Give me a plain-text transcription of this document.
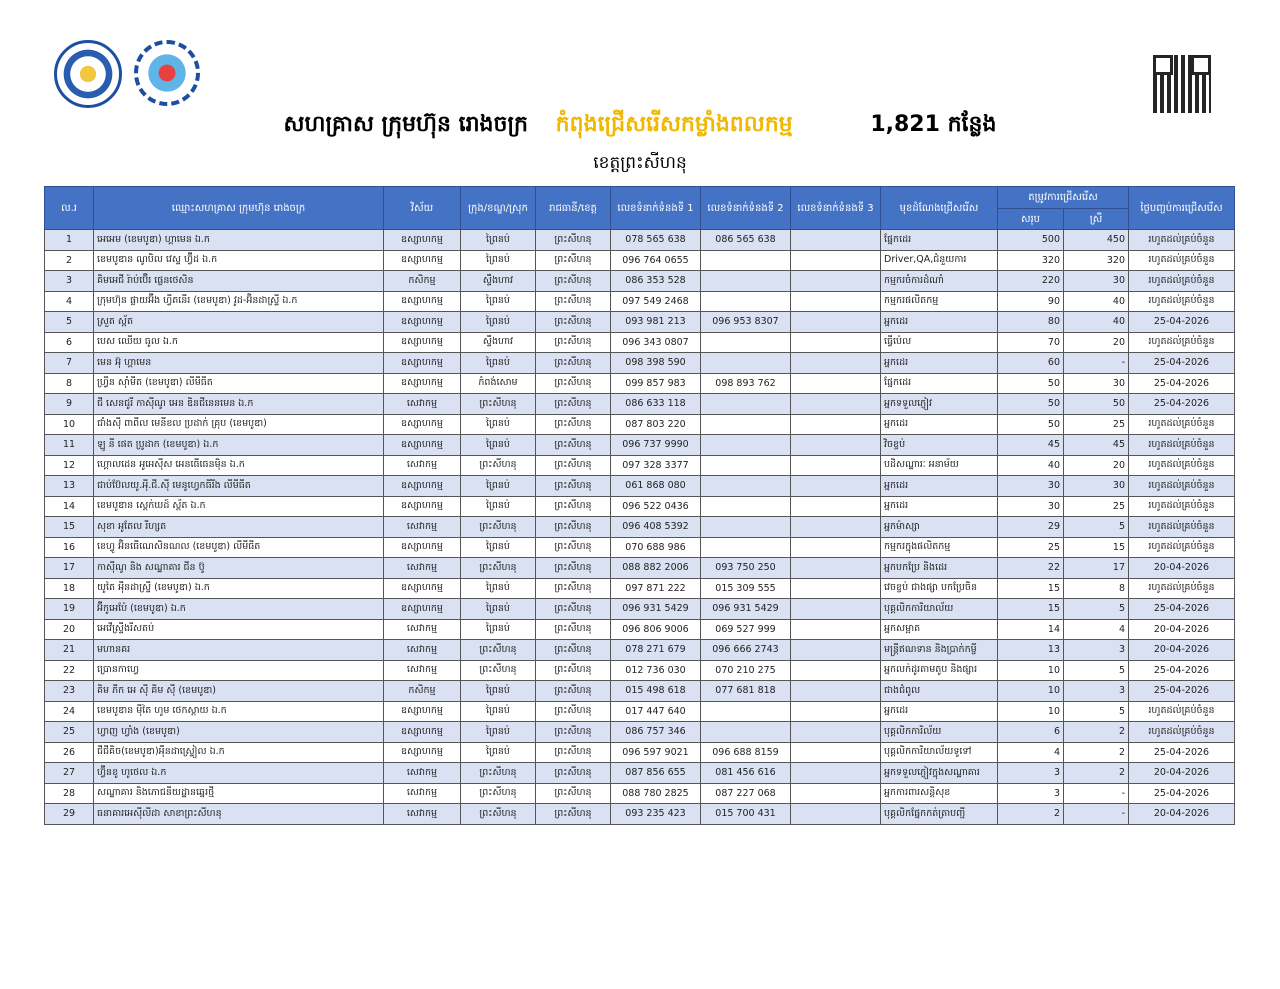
សហគ្រាស ក្រុមហ៊ុន រោងចក្រ កំពុងជ្រើសរើសកម្លាំងពលកម្ម	1,821 កន្លែង
ខេត្តព្រះសីហនុ
ល.រ	ឈ្មោះសហគ្រាស ក្រុមហ៊ុន រោងចក្រ	វិស័យ	ក្រុង/ខណ្ឌ/ស្រុក	រាជធានី/ខេត្ត	លេខទំនាក់ទំនងទី 1	លេខទំនាក់ទំនងទី 2	លេខទំនាក់ទំនងទី 3	មុខដំណែងជ្រើសរើស	តម្រូវការជ្រើសរើស		ថ្ងៃបញ្ចប់ការជ្រើសរើស
									សរុប	ស្រី	
1	អេអេម (ខេមបូឌា) ហ្គាមេន ឯ.ក	ឧស្សាហកម្ម	ព្រៃនប់	ព្រះសីហនុ	078 565 638	086 565 638		ផ្នែកដេរ	500	450	រហូតដល់គ្រប់ចំនួន
2	ខេមបូឌាន ណូបិល វេស្ទ ហ្វ៊ីដ ឯ.ក	ឧស្សាហកម្ម	ព្រៃនប់	ព្រះសីហនុ	096 764 0655			Driver,QA,ជំនួយការ	320	320	រហូតដល់គ្រប់ចំនួន
3	គិមអេជី រ៉ាប់ប៊ើរ ផ្លេនថេសិន	កសិកម្ម	ស្ទឹងហាវ	ព្រះសីហនុ	086 353 528			កម្មករចំការដំណាំ	220	30	រហូតដល់គ្រប់ចំនួន
4	ក្រុមហ៊ុន ផ្លាយអ៊ីង ហ្វីតនើរ (ខេមបូឌា) វូដ-អ៊ិនដាស្ទ្រី ឯ.ក	ឧស្សាហកម្ម	ព្រៃនប់	ព្រះសីហនុ	097 549 2468			កម្មករផលិតកម្ម	90	40	រហូតដល់គ្រប់ចំនួន
5	ស្រួត ស្ព័ត	ឧស្សាហកម្ម	ព្រៃនប់	ព្រះសីហនុ	093 981 213	096 953 8307		អ្នកដេរ	80	40	25-04-2026
6	បេស ឈើយ ធូល ឯ.ក	ឧស្សាហកម្ម	ស្ទឹងហាវ	ព្រះសីហនុ	096 343 0807			ធ្វើប៉េល	70	20	រហូតដល់គ្រប់ចំនួន
7	មេន អ៊ុ ហ្គាមេន	ឧស្សាហកម្ម	ព្រៃនប់	ព្រះសីហនុ	098 398 590			អ្នកដេរ	60	-	25-04-2026
8	ហ្វ្រីន ស៊ាំមីត (ខេមបូឌា) លីមីធីត	ឧស្សាហកម្ម	កំពង់សោម	ព្រះសីហនុ	099 857 983	098 893 762		ផ្នែកដេរ	50	30	25-04-2026
9	ជី សេនជូរី កាស៊ីណូ អេន ឌិនជីនេនមេន ឯ.ក	សេវាកម្ម	ព្រះសីហនុ	ព្រះសីហនុ	086 633 118			អ្នកទទួលភ្ញៀវ	50	50	25-04-2026
10	ជាំងស៊ី ពាពីល មេនីខល ប្រដាក់ គ្រុប (ខេមបូឌា)	ឧស្សាហកម្ម	ព្រៃនប់	ព្រះសីហនុ	087 803 220			អ្នកដេរ	50	25	រហូតដល់គ្រប់ចំនួន
11	ឡូ នី ផេត ប្រូដាក (ខេមបូឌា) ឯ.ក	ឧស្សាហកម្ម	ព្រៃនប់	ព្រះសីហនុ	096 737 9990			វិចខ្ចប់	45	45	រហូតដល់គ្រប់ចំនួន
12	ហ្គោលដេន អូអេស៊ីស អេនធើធេនមុិន ឯ.ក	សេវាកម្ម	ព្រះសីហនុ	ព្រះសីហនុ	097 328 3377			បដិសណ្ឋារៈ អនាម័យ	40	20	រហូតដល់គ្រប់ចំនួន
13	ជាប់ប៊ែលយូ.អុី.ជី.ស៊ី មេនូហ្វេកធីរីង លីមីធីត	ឧស្សាហកម្ម	ព្រៃនប់	ព្រះសីហនុ	061 868 080			អ្នកដេរ	30	30	រហូតដល់គ្រប់ចំនួន
14	ខេមបូឌាន ស្តេក់ឃដ៍ ស្ព័ត ឯ.ក	ឧស្សាហកម្ម	ព្រៃនប់	ព្រះសីហនុ	096 522 0436			អ្នកដេរ	30	25	រហូតដល់គ្រប់ចំនួន
15	សុខា អូតែល រីហ្សត	សេវាកម្ម	ព្រះសីហនុ	ព្រះសីហនុ	096 408 5392			អ្នកម៉ាស្សា	29	5	រហូតដល់គ្រប់ចំនួន
16	ខេហ្វូ អ៊ិនធើណេសិនណល (ខេមបូឌា) លីមីធីត	ឧស្សាហកម្ម	ព្រៃនប់	ព្រះសីហនុ	070 688 986			កម្មករក្នុងផលិតកម្ម	25	15	រហូតដល់គ្រប់ចំនួន
17	កាស៊ីណូ និង សណ្ឋាគារ ជីន ប៊ូ	សេវាកម្ម	ព្រះសីហនុ	ព្រះសីហនុ	088 882 2006	093 750 250		អ្នកបកប្រែ និងដេរ	22	17	20-04-2026
18	យូតៃ អុីនដាស្ទ្រី (ខេមបូឌា) ឯ.ក	ឧស្សាហកម្ម	ព្រៃនប់	ព្រះសីហនុ	097 871 222	015 309 555		វេចខ្ចប់ ជាងផ្សា បកប្រែចិន	15	8	រហូតដល់គ្រប់ចំនួន
19	អ៊ីកូអេប៉ែ (ខេមបូឌា) ឯ.ក	ឧស្សាហកម្ម	ព្រៃនប់	ព្រះសីហនុ	096 931 5429	096 931 5429		បុគ្គលិកការិយាល័យ	15	5	25-04-2026
20	អេវើស្ទ្រីងរីសតប់	សេវាកម្ម	ព្រៃនប់	ព្រះសីហនុ	096 806 9006	069 527 999		អ្នកសម្អាត	14	4	20-04-2026
21	មហានគរ	សេវាកម្ម	ព្រះសីហនុ	ព្រះសីហនុ	078 271 679	096 666 2743		មន្ត្រីឥណទាន និងប្រាក់កម្ចី	13	3	20-04-2026
22	ប្រោនកាហ្វេ	សេវាកម្ម	ព្រះសីហនុ	ព្រះសីហនុ	012 736 030	070 210 275		អ្នកលក់ដូរតាមតូប និងផ្សារ	10	5	25-04-2026
23	គិម ភីក អេ ស៊ី គិម ស៊ី (ខេមបូឌា)	កសិកម្ម	ព្រៃនប់	ព្រះសីហនុ	015 498 618	077 681 818		ជាងជំពូល	10	3	25-04-2026
24	ខេមបូឌាន មុីតៃ ហូម ថេកស្តាយ ឯ.ក	ឧស្សាហកម្ម	ព្រៃនប់	ព្រះសីហនុ	017 447 640			អ្នកដេរ	10	5	រហូតដល់គ្រប់ចំនួន
25	ហ្វាញ ហ្វាំង (ខេមបូឌា)	ឧស្សាហកម្ម	ព្រៃនប់	ព្រះសីហនុ	086 757 346			បុគ្គលិកការិល័យ	6	2	រហូតដល់គ្រប់ចំនួន
26	ជីជីគិច(ខេមបូឌា)អុីនដាស្ទ្រៀល ឯ.ក	ឧស្សាហកម្ម	ព្រៃនប់	ព្រះសីហនុ	096 597 9021	096 688 8159		បុគ្គលិកការិយាល័យទូទៅ	4	2	25-04-2026
27	ហ្វ៊ីនខូ ហូថេល ឯ.ក	សេវាកម្ម	ព្រះសីហនុ	ព្រះសីហនុ	087 856 655	081 456 616		អ្នកទទួលភ្ញៀវក្នុងសណ្ឋាគារ	3	2	20-04-2026
28	សណ្ឋាគារ និងភោជនីយដ្ឋានឆ្នេរថ្មី	សេវាកម្ម	ព្រះសីហនុ	ព្រះសីហនុ	088 780 2825	087 227 068		អ្នកការពារសន្តិសុខ	3	-	25-04-2026
29	ធនាគារអេស៊ីលីដា សាខាព្រះសីហនុ	សេវាកម្ម	ព្រះសីហនុ	ព្រះសីហនុ	093 235 423	015 700 431		បុគ្គលិកផ្នែកកត់ត្រាបញ្ជី	2	-	20-04-2026
